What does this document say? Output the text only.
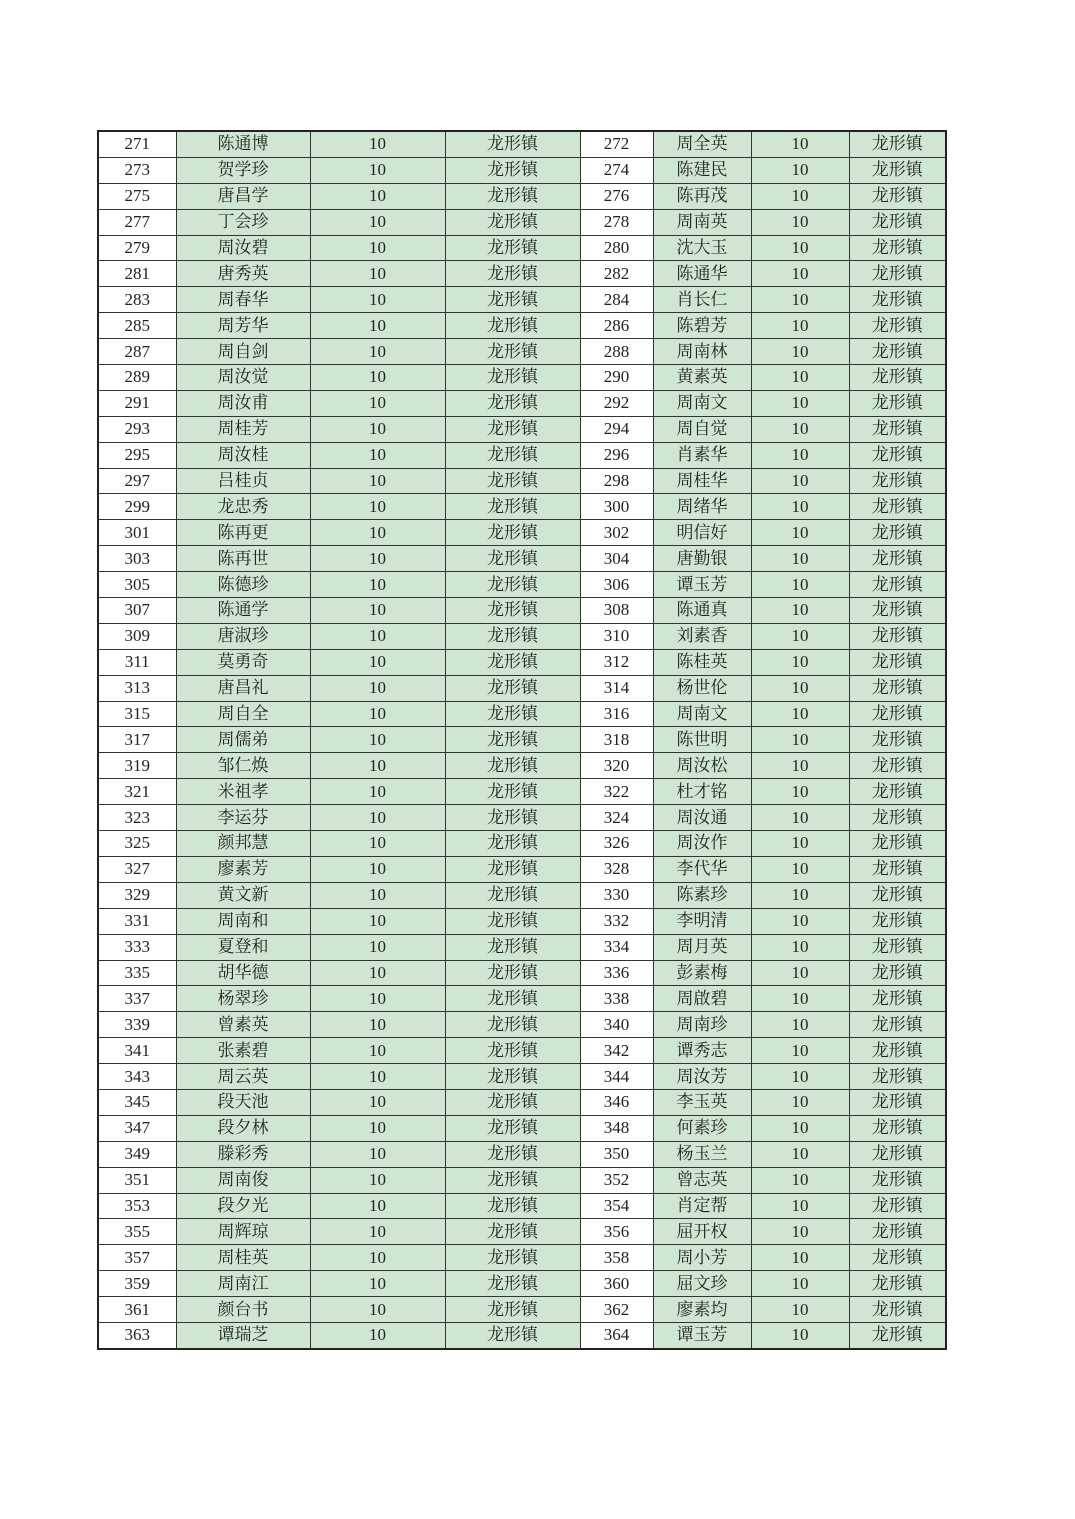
271	陈通博	10	龙形镇	272	周全英	10	龙形镇
273	贺学珍	10	龙形镇	274	陈建民	10	龙形镇
275	唐昌学	10	龙形镇	276	陈再茂	10	龙形镇
277	丁会珍	10	龙形镇	278	周南英	10	龙形镇
279	周汝碧	10	龙形镇	280	沈大玉	10	龙形镇
281	唐秀英	10	龙形镇	282	陈通华	10	龙形镇
283	周春华	10	龙形镇	284	肖长仁	10	龙形镇
285	周芳华	10	龙形镇	286	陈碧芳	10	龙形镇
287	周自剑	10	龙形镇	288	周南林	10	龙形镇
289	周汝觉	10	龙形镇	290	黄素英	10	龙形镇
291	周汝甫	10	龙形镇	292	周南文	10	龙形镇
293	周桂芳	10	龙形镇	294	周自觉	10	龙形镇
295	周汝桂	10	龙形镇	296	肖素华	10	龙形镇
297	吕桂贞	10	龙形镇	298	周桂华	10	龙形镇
299	龙忠秀	10	龙形镇	300	周绪华	10	龙形镇
301	陈再更	10	龙形镇	302	明信好	10	龙形镇
303	陈再世	10	龙形镇	304	唐勤银	10	龙形镇
305	陈德珍	10	龙形镇	306	谭玉芳	10	龙形镇
307	陈通学	10	龙形镇	308	陈通真	10	龙形镇
309	唐淑珍	10	龙形镇	310	刘素香	10	龙形镇
311	莫勇奇	10	龙形镇	312	陈桂英	10	龙形镇
313	唐昌礼	10	龙形镇	314	杨世伦	10	龙形镇
315	周自全	10	龙形镇	316	周南文	10	龙形镇
317	周儒弟	10	龙形镇	318	陈世明	10	龙形镇
319	邹仁焕	10	龙形镇	320	周汝松	10	龙形镇
321	米祖孝	10	龙形镇	322	杜才铭	10	龙形镇
323	李运芬	10	龙形镇	324	周汝通	10	龙形镇
325	颜邦慧	10	龙形镇	326	周汝作	10	龙形镇
327	廖素芳	10	龙形镇	328	李代华	10	龙形镇
329	黄文新	10	龙形镇	330	陈素珍	10	龙形镇
331	周南和	10	龙形镇	332	李明清	10	龙形镇
333	夏登和	10	龙形镇	334	周月英	10	龙形镇
335	胡华德	10	龙形镇	336	彭素梅	10	龙形镇
337	杨翠珍	10	龙形镇	338	周啟碧	10	龙形镇
339	曾素英	10	龙形镇	340	周南珍	10	龙形镇
341	张素碧	10	龙形镇	342	谭秀志	10	龙形镇
343	周云英	10	龙形镇	344	周汝芳	10	龙形镇
345	段天池	10	龙形镇	346	李玉英	10	龙形镇
347	段夕林	10	龙形镇	348	何素珍	10	龙形镇
349	滕彩秀	10	龙形镇	350	杨玉兰	10	龙形镇
351	周南俊	10	龙形镇	352	曾志英	10	龙形镇
353	段夕光	10	龙形镇	354	肖定帮	10	龙形镇
355	周辉琼	10	龙形镇	356	屈开权	10	龙形镇
357	周桂英	10	龙形镇	358	周小芳	10	龙形镇
359	周南江	10	龙形镇	360	屈文珍	10	龙形镇
361	颜台书	10	龙形镇	362	廖素均	10	龙形镇
363	谭瑞芝	10	龙形镇	364	谭玉芳	10	龙形镇
